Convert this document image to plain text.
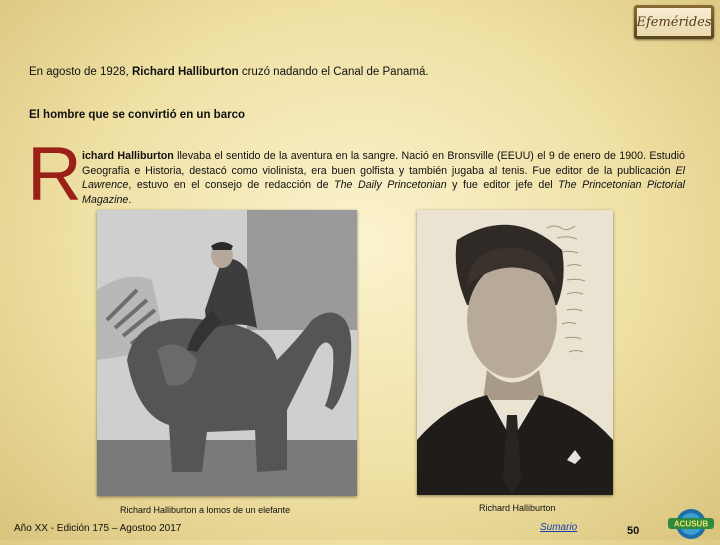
Efemérides
En agosto de 1928, Richard Halliburton cruzó nadando el Canal de Panamá.
El hombre que se convirtió en un barco
R ichard Halliburton llevaba el sentido de la aventura en la sangre. Nació en Bronsville (EEUU) el 9 de enero de 1900. Estudió Geografía e Historia, destacó como violinista, era buen golfista y también jugaba al tenis. Fue editor de la publicación El Lawrence, estuvo en el consejo de redacción de The Daily Princetonian y fue editor jefe del The Princetonian Pictorial Magazine.
Richard Halliburton a lomos de un elefante	Richard Halliburton
Año XX - Edición 175 – Agostoo 2017	Sumario	50
ACUSUB
